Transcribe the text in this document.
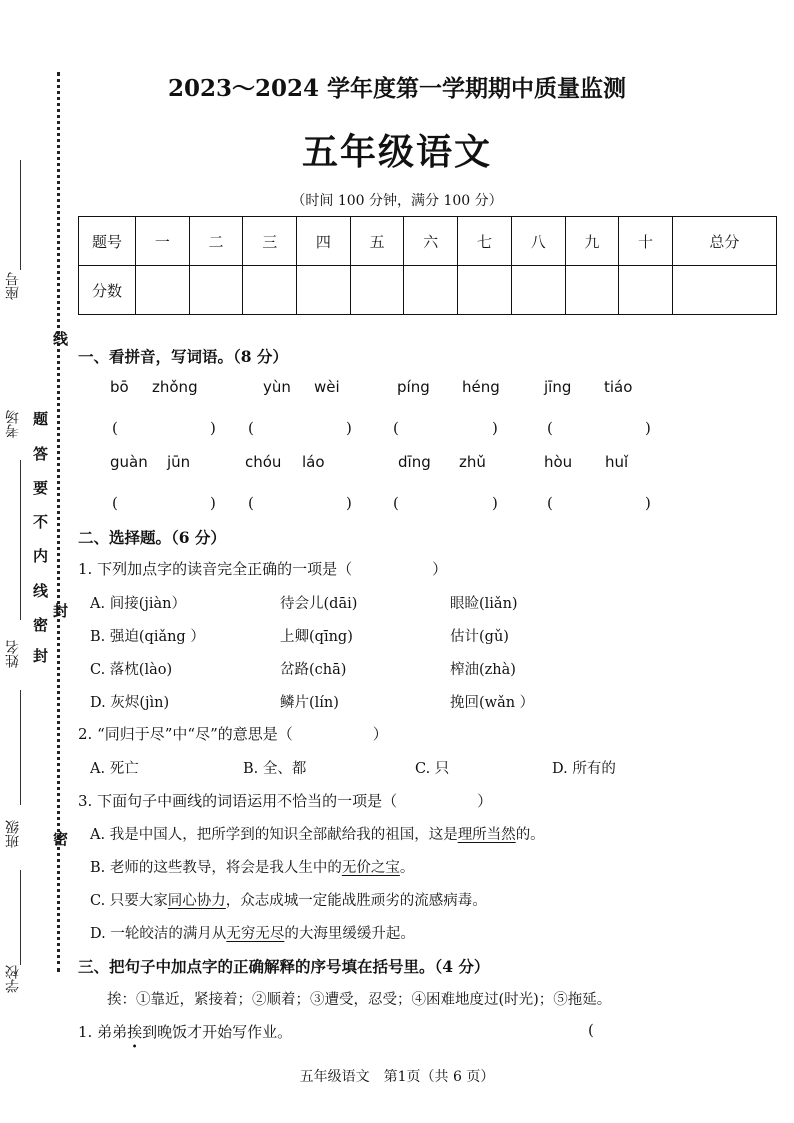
座号
考场
姓名
班级
学校
线
题
答
要
不
内
线
封
密
封
密
2023～2024 学年度第一学期期中质量监测
五年级语文
（时间 100 分钟，满分 100 分）
题号	一	二	三	四	五	六	七	八	九	十	总分
分数											
一、看拼音，写词语。（8 分）
bō zhǒng	yùn wèi	píng héng	jīng tiáo
(	) (	)	(	)	(	)
guàn jūn	chóu láo	dīng zhǔ	hòu huǐ
(	) (	)	(	)	(	)
二、选择题。（6 分）
1. 下列加点字的读音完全正确的一项是（	）
A. 间接(jiàn）	待会儿(dāi)	眼睑(liǎn)
B. 强迫(qiǎng ）	上卿(qīng)	估计(gǔ)
C. 落枕(lào)	岔路(chā)	榨油(zhà)
D. 灰烬(jìn)	鳞片(lín)	挽回(wǎn ）
2. “同归于尽”中“尽”的意思是（	）
A. 死亡	B. 全、都	C. 只	D. 所有的
3. 下面句子中画线的词语运用不恰当的一项是（	）
A. 我是中国人，把所学到的知识全部献给我的祖国，这是理所当然的。
B. 老师的这些教导，将会是我人生中的无价之宝。
C. 只要大家同心协力，众志成城一定能战胜顽劣的流感病毒。
D. 一轮皎洁的满月从无穷无尽的大海里缓缓升起。
三、把句子中加点字的正确解释的序号填在括号里。（4 分）
挨：①靠近，紧接着；②顺着；③遭受，忍受；④困难地度过(时光)；⑤拖延。
1. 弟弟挨到晚饭才开始写作业。	(
五年级语文　第1页（共 6 页）
